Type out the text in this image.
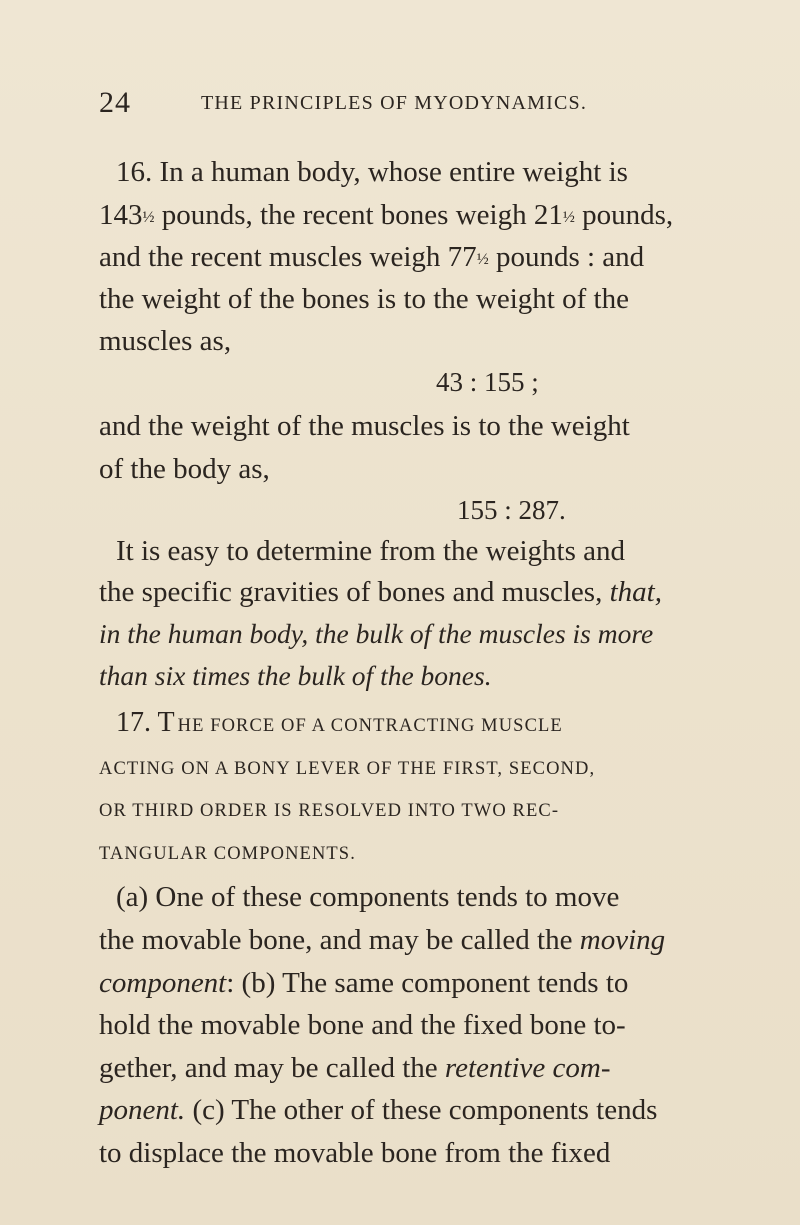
24	THE PRINCIPLES OF MYODYNAMICS.
16. In a human body, whose entire weight is
143½ pounds, the recent bones weigh 21½ pounds,
and the recent muscles weigh 77½ pounds : and
the weight of the bones is to the weight of the
muscles as,
43 : 155 ;
and the weight of the muscles is to the weight
of the body as,
155 : 287.
It is easy to determine from the weights and
the specific gravities of bones and muscles, that,
in the human body, the bulk of the muscles is more
than six times the bulk of the bones.
17. T HE FORCE OF A CONTRACTING MUSCLE
ACTING ON A BONY LEVER OF THE FIRST, SECOND,
OR THIRD ORDER IS RESOLVED INTO TWO REC-
TANGULAR COMPONENTS.
(a) One of these components tends to move
the movable bone, and may be called the moving
component: (b) The same component tends to
hold the movable bone and the fixed bone to-
gether, and may be called the retentive com-
ponent. (c) The other of these components tends
to displace the movable bone from the fixed
